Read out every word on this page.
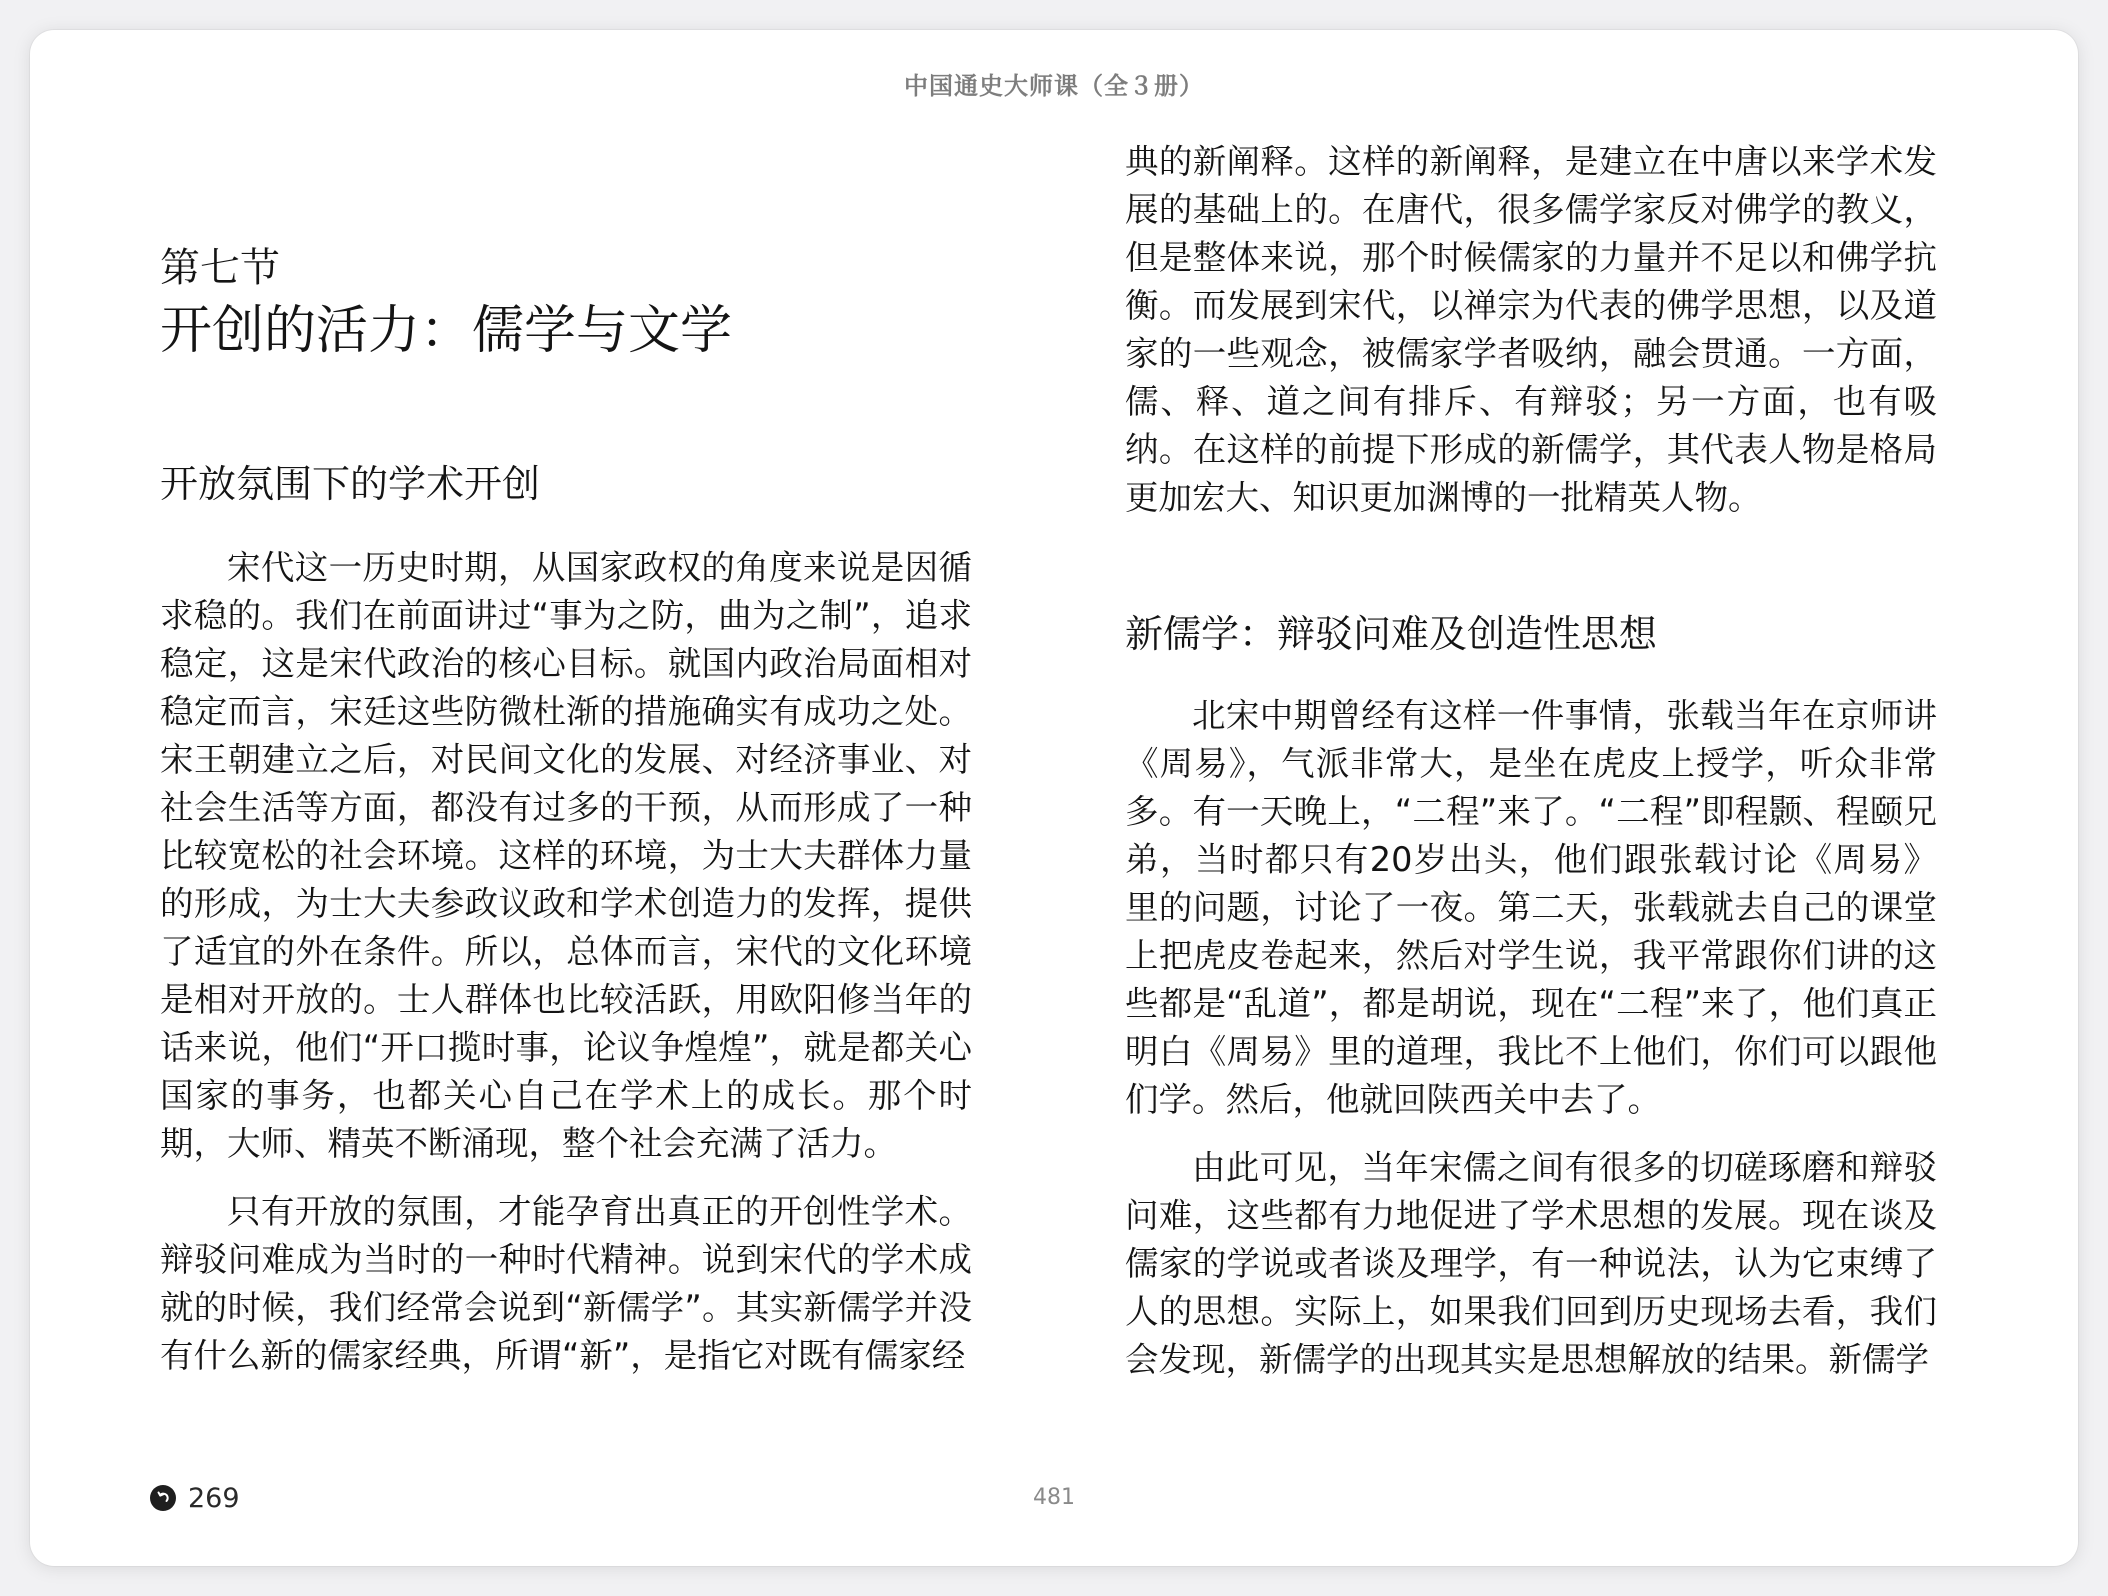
中国通史大师课（全３册）
第七节
开创的活力：儒学与文学
开放氛围下的学术开创

宋代这一历史时期，从国家政权的角度来说是因循求稳的。我们在前面讲过“事为之防，曲为之制”，追求稳定，这是宋代政治的核心目标。就国内政治局面相对稳定而言，宋廷这些防微杜渐的措施确实有成功之处。宋王朝建立之后，对民间文化的发展、对经济事业、对社会生活等方面，都没有过多的干预，从而形成了一种比较宽松的社会环境。这样的环境，为士大夫群体力量的形成，为士大夫参政议政和学术创造力的发挥，提供了适宜的外在条件。所以，总体而言，宋代的文化环境是相对开放的。士人群体也比较活跃，用欧阳修当年的话来说，他们“开口揽时事，论议争煌煌”，就是都关心国家的事务，也都关心自己在学术上的成长。那个时期，大师、精英不断涌现，整个社会充满了活力。

只有开放的氛围，才能孕育出真正的开创性学术。辩驳问难成为当时的一种时代精神。说到宋代的学术成就的时候，我们经常会说到“新儒学”。其实新儒学并没有什么新的儒家经典，所谓“新”，是指它对既有儒家经

典的新阐释。这样的新阐释，是建立在中唐以来学术发展的基础上的。在唐代，很多儒学家反对佛学的教义，但是整体来说，那个时候儒家的力量并不足以和佛学抗衡。而发展到宋代，以禅宗为代表的佛学思想，以及道家的一些观念，被儒家学者吸纳，融会贯通。一方面，儒、释、道之间有排斥、有辩驳；另一方面，也有吸纳。在这样的前提下形成的新儒学，其代表人物是格局更加宏大、知识更加渊博的一批精英人物。

新儒学：辩驳问难及创造性思想

北宋中期曾经有这样一件事情，张载当年在京师讲《周易》，气派非常大，是坐在虎皮上授学，听众非常多。有一天晚上，“二程”来了。“二程”即程颢、程颐兄弟，当时都只有20岁出头，他们跟张载讨论《周易》里的问题，讨论了一夜。第二天，张载就去自己的课堂上把虎皮卷起来，然后对学生说，我平常跟你们讲的这些都是“乱道”，都是胡说，现在“二程”来了，他们真正明白《周易》里的道理，我比不上他们，你们可以跟他们学。然后，他就回陕西关中去了。

由此可见，当年宋儒之间有很多的切磋琢磨和辩驳问难，这些都有力地促进了学术思想的发展。现在谈及儒家的学说或者谈及理学，有一种说法，认为它束缚了人的思想。实际上，如果我们回到历史现场去看，我们会发现，新儒学的出现其实是思想解放的结果。新儒学

269	481
